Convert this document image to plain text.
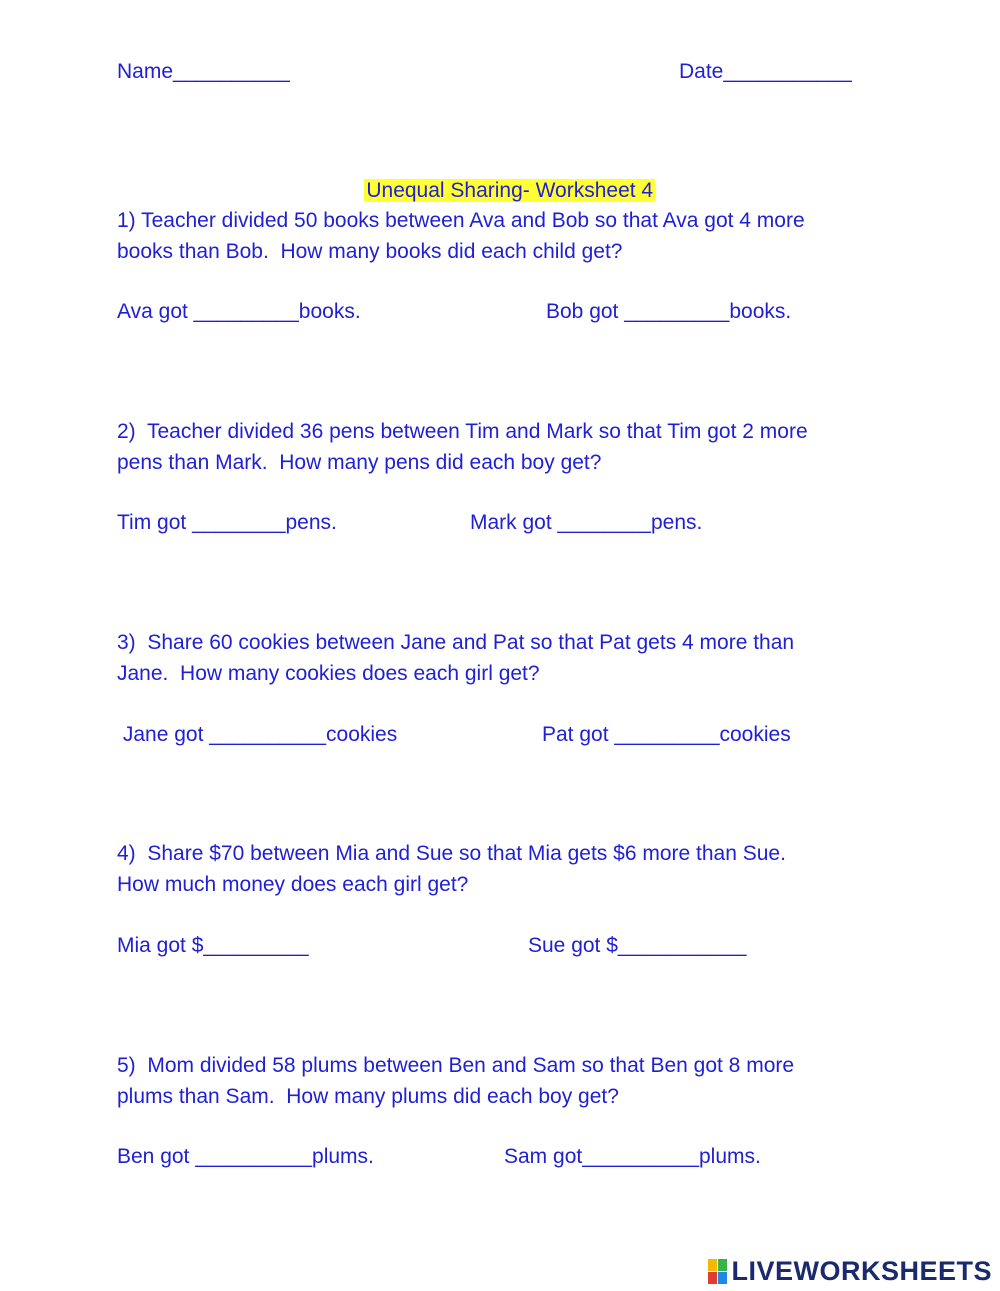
Name__________	Date___________

Unequal Sharing- Worksheet 4

1) Teacher divided 50 books between Ava and Bob so that Ava got 4 more
books than Bob.  How many books did each child get?
Ava got _________books.	Bob got _________books.
2)  Teacher divided 36 pens between Tim and Mark so that Tim got 2 more
pens than Mark.  How many pens did each boy get?
Tim got ________pens.	Mark got ________pens.
3)  Share 60 cookies between Jane and Pat so that Pat gets 4 more than
Jane.  How many cookies does each girl get?
Jane got __________cookies	Pat got _________cookies
4)  Share $70 between Mia and Sue so that Mia gets $6 more than Sue.
How much money does each girl get?
Mia got $_________	Sue got $___________
5)  Mom divided 58 plums between Ben and Sam so that Ben got 8 more
plums than Sam.  How many plums did each boy get?
Ben got __________plums.	Sam got__________plums.
LIVEWORKSHEETS
